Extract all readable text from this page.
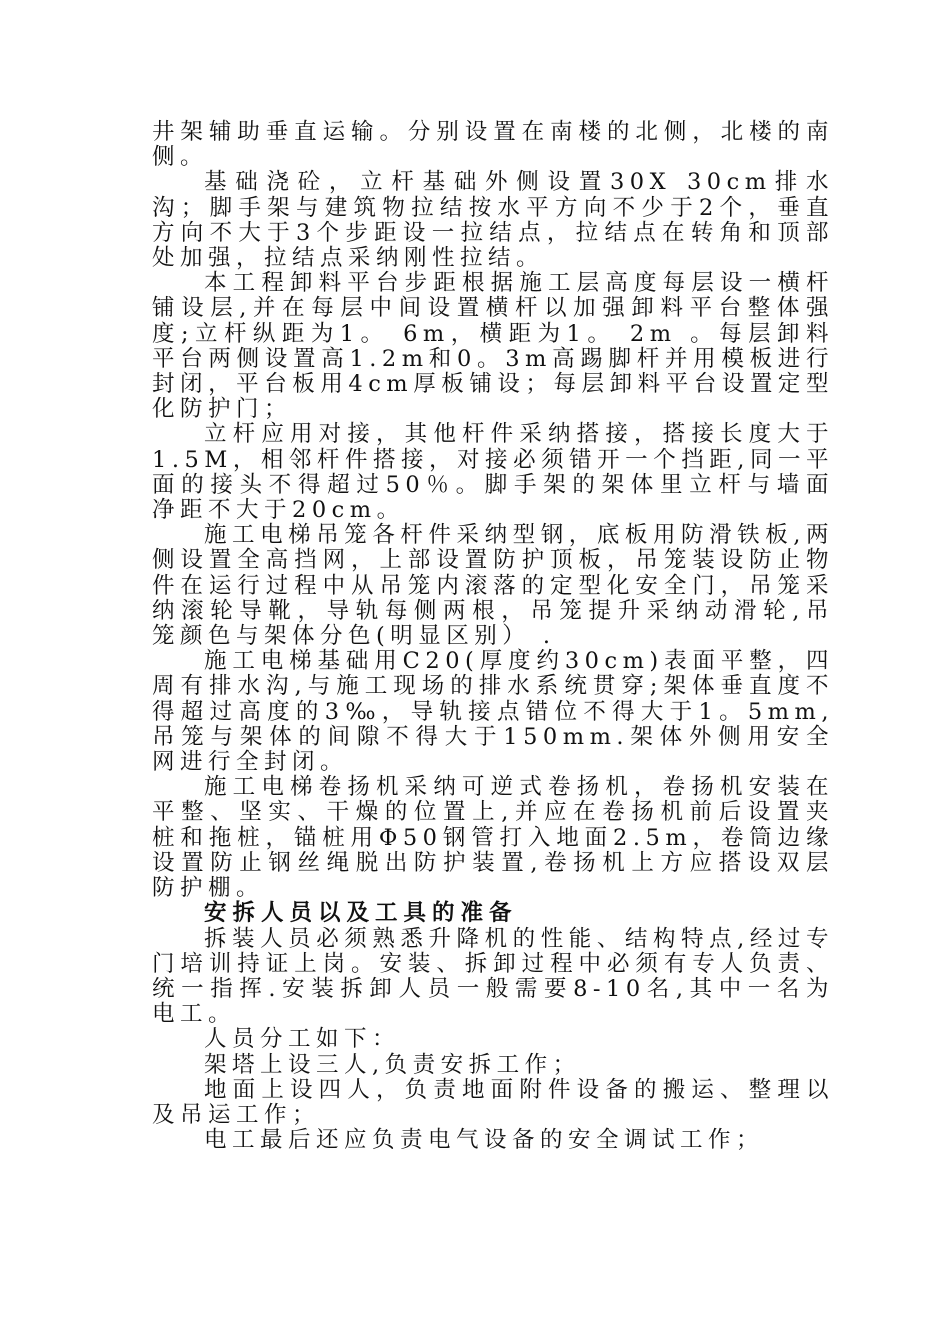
井架辅助垂直运输。分别设置在南楼的北侧，北楼的南侧。

基础浇砼，立杆基础外侧设置30X 30cm排水沟；脚手架与建筑物拉结按水平方向不少于2个，垂直方向不大于3个步距设一拉结点，拉结点在转角和顶部处加强，拉结点采纳刚性拉结。

本工程卸料平台步距根据施工层高度每层设一横杆铺设层,并在每层中间设置横杆以加强卸料平台整体强度;立杆纵距为1。 6m，横距为1。 2m 。每层卸料平台两侧设置高1.2m和0。3m高踢脚杆并用模板进行封闭，平台板用4cm厚板铺设；每层卸料平台设置定型化防护门；

立杆应用对接，其他杆件采纳搭接，搭接长度大于1.5M，相邻杆件搭接，对接必须错开一个挡距,同一平面的接头不得超过50％。脚手架的架体里立杆与墙面净距不大于20cm。

施工电梯吊笼各杆件采纳型钢，底板用防滑铁板,两侧设置全高挡网，上部设置防护顶板，吊笼装设防止物件在运行过程中从吊笼内滚落的定型化安全门，吊笼采纳滚轮导靴，导轨每侧两根，吊笼提升采纳动滑轮,吊笼颜色与架体分色(明显区别） .

施工电梯基础用C20(厚度约30cm)表面平整，四周有排水沟,与施工现场的排水系统贯穿;架体垂直度不得超过高度的3‰，导轨接点错位不得大于1。5mm,吊笼与架体的间隙不得大于150mm.架体外侧用安全网进行全封闭。

施工电梯卷扬机采纳可逆式卷扬机，卷扬机安装在平整、坚实、干燥的位置上,并应在卷扬机前后设置夹桩和拖桩，锚桩用Φ50钢管打入地面2.5m，卷筒边缘设置防止钢丝绳脱出防护装置,卷扬机上方应搭设双层防护棚。

安拆人员以及工具的准备

拆装人员必须熟悉升降机的性能、结构特点,经过专门培训持证上岗。安装、拆卸过程中必须有专人负责、统一指挥.安装拆卸人员一般需要8-10名,其中一名为电工。

人员分工如下：

架塔上设三人,负责安拆工作；

地面上设四人，负责地面附件设备的搬运、整理以及吊运工作；

电工最后还应负责电气设备的安全调试工作；
